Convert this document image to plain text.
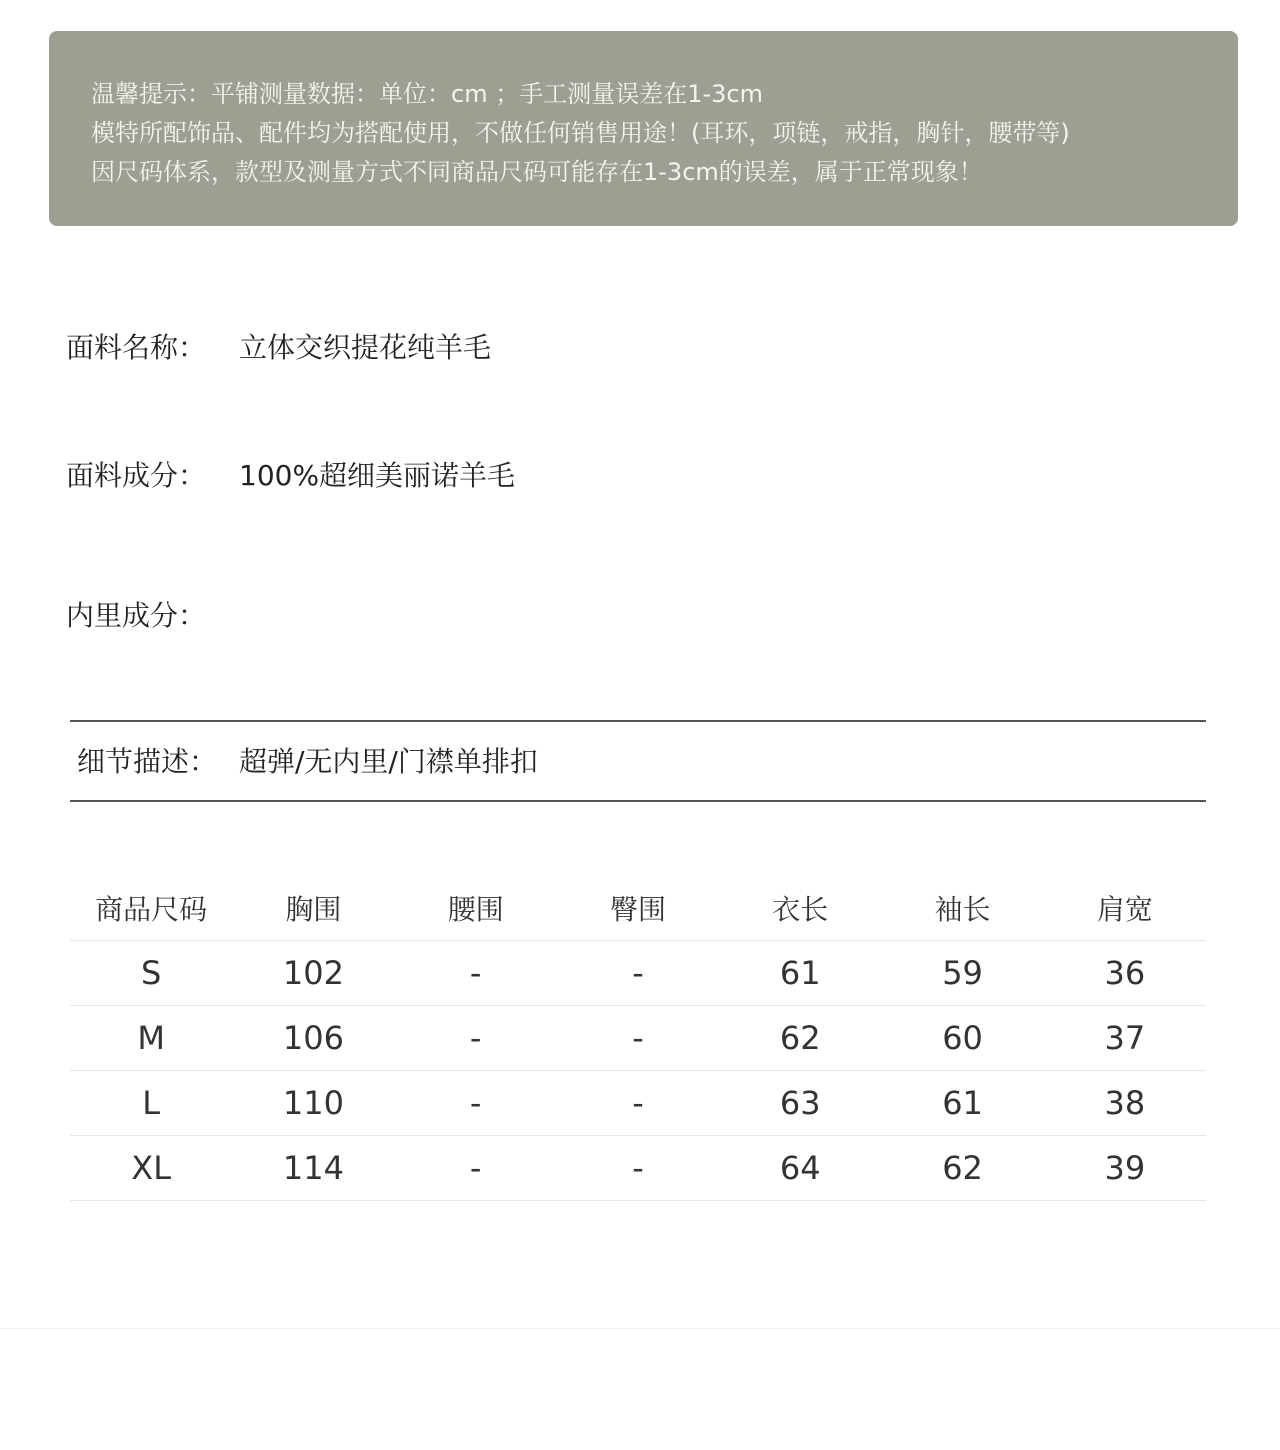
温馨提示：平铺测量数据：单位：cm ；手工测量误差在1-3cm
模特所配饰品、配件均为搭配使用，不做任何销售用途！(耳环，项链，戒指，胸针，腰带等)
因尺码体系，款型及测量方式不同商品尺码可能存在1-3cm的误差，属于正常现象！
面料名称： 立体交织提花纯羊毛
面料成分： 100%超细美丽诺羊毛
内里成分：
细节描述： 超弹/无内里/门襟单排扣
商品尺码	胸围	腰围	臀围	衣长	袖长	肩宽
S	102	-	-	61	59	36
M	106	-	-	62	60	37
L	110	-	-	63	61	38
XL	114	-	-	64	62	39
